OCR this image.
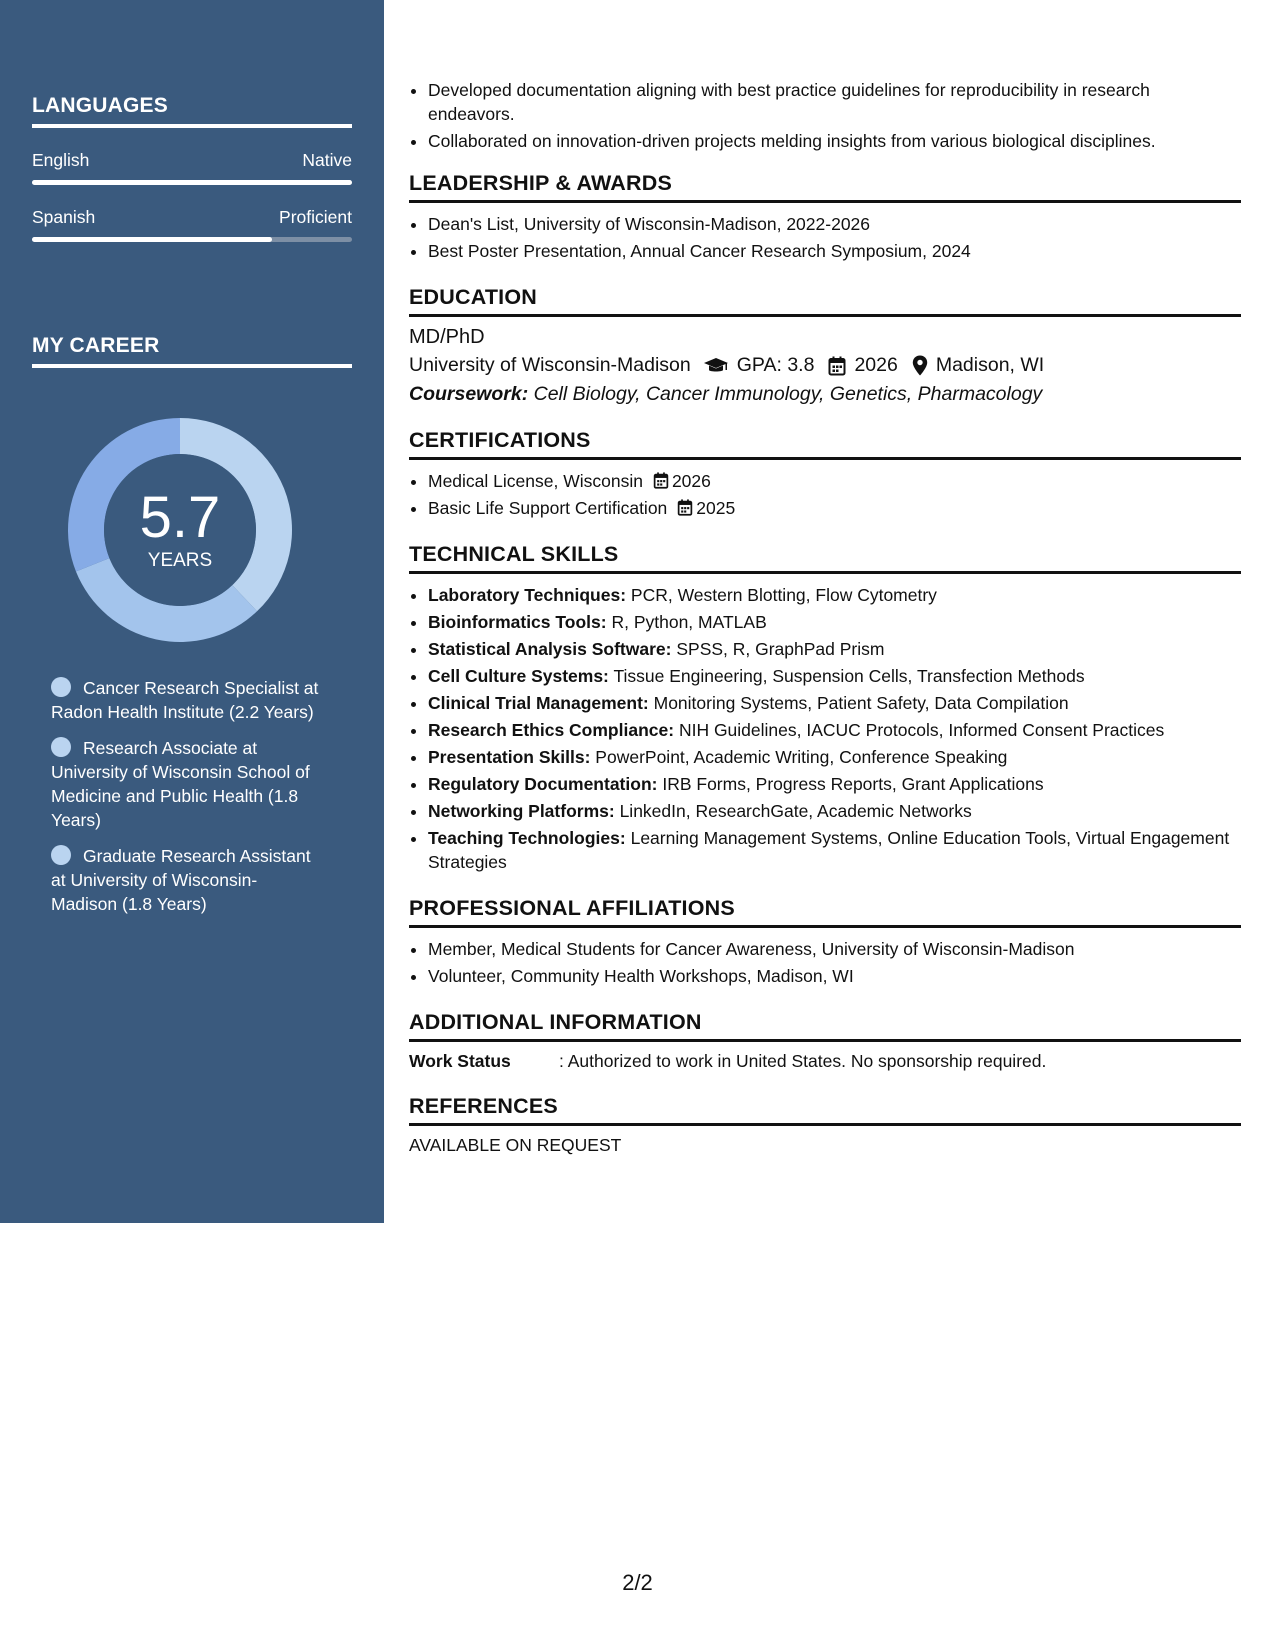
LANGUAGES
English	Native
Spanish	Proficient
MY CAREER
5.7
YEARS
Cancer Research Specialist at Radon Health Institute (2.2 Years)
Research Associate at University of Wisconsin School of Medicine and Public Health (1.8 Years)
Graduate Research Assistant at University of Wisconsin-Madison (1.8 Years)
• Developed documentation aligning with best practice guidelines for reproducibility in research endeavors.
• Collaborated on innovation-driven projects melding insights from various biological disciplines.
LEADERSHIP & AWARDS
• Dean's List, University of Wisconsin-Madison, 2022-2026
• Best Poster Presentation, Annual Cancer Research Symposium, 2024
EDUCATION
MD/PhD
University of Wisconsin-Madison GPA: 3.8 2026 Madison, WI
Coursework: Cell Biology, Cancer Immunology, Genetics, Pharmacology
CERTIFICATIONS
• Medical License, Wisconsin 2026
• Basic Life Support Certification 2025
TECHNICAL SKILLS
• Laboratory Techniques: PCR, Western Blotting, Flow Cytometry
• Bioinformatics Tools: R, Python, MATLAB
• Statistical Analysis Software: SPSS, R, GraphPad Prism
• Cell Culture Systems: Tissue Engineering, Suspension Cells, Transfection Methods
• Clinical Trial Management: Monitoring Systems, Patient Safety, Data Compilation
• Research Ethics Compliance: NIH Guidelines, IACUC Protocols, Informed Consent Practices
• Presentation Skills: PowerPoint, Academic Writing, Conference Speaking
• Regulatory Documentation: IRB Forms, Progress Reports, Grant Applications
• Networking Platforms: LinkedIn, ResearchGate, Academic Networks
• Teaching Technologies: Learning Management Systems, Online Education Tools, Virtual Engagement Strategies
PROFESSIONAL AFFILIATIONS
• Member, Medical Students for Cancer Awareness, University of Wisconsin-Madison
• Volunteer, Community Health Workshops, Madison, WI
ADDITIONAL INFORMATION
Work Status	: Authorized to work in United States. No sponsorship required.
REFERENCES
AVAILABLE ON REQUEST
2/2
